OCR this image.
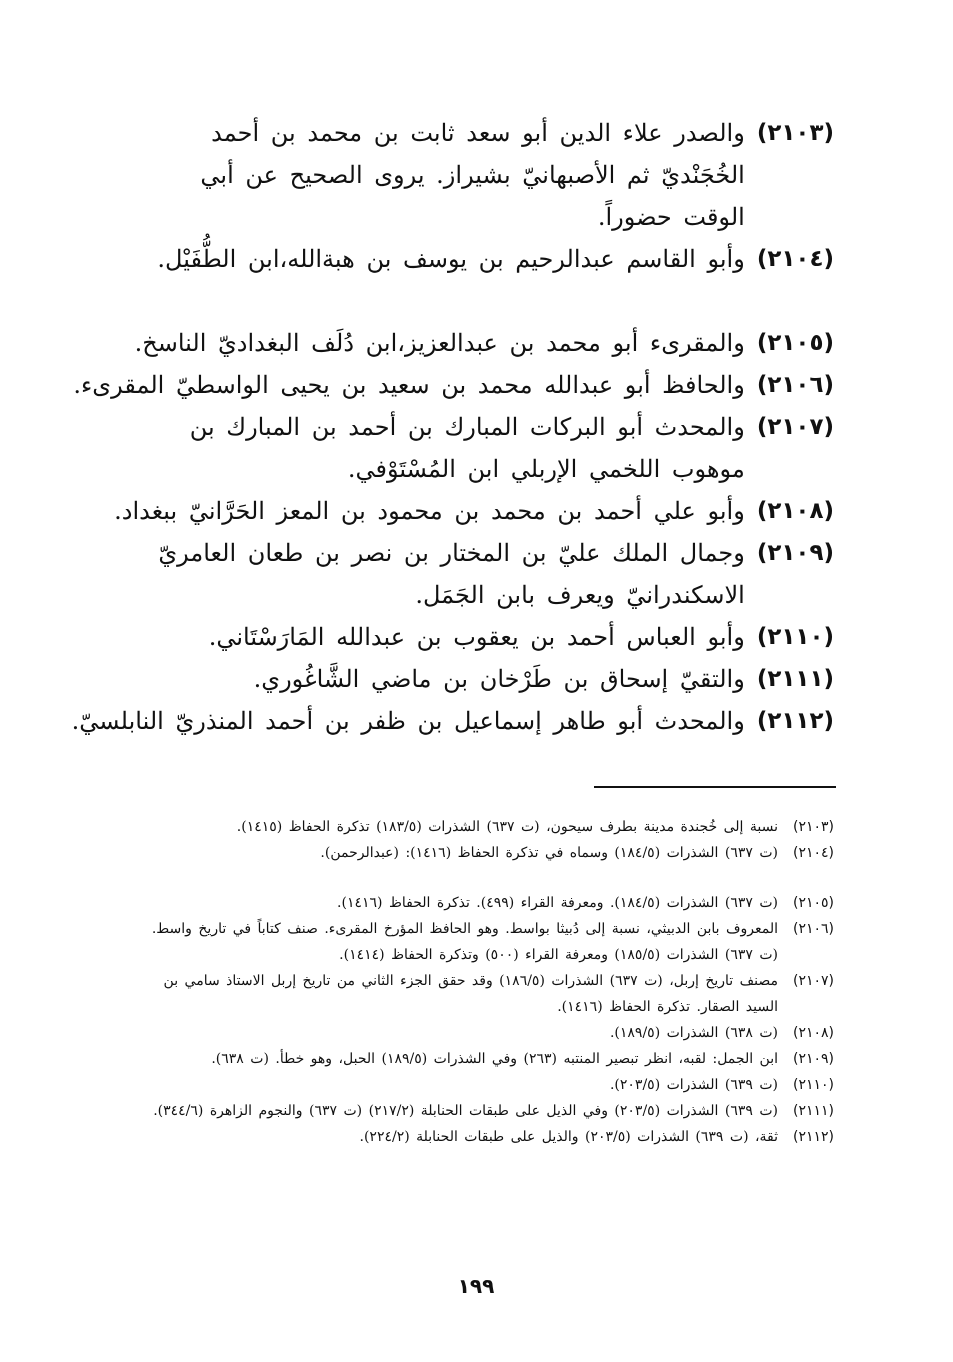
(٢١٠٣)
والصدر علاء الدين أبو سعد ثابت بن محمد بن أحمد الخُجَنْديّ ثم الأصبهانيّ بشيراز. يروى الصحيح عن أبي الوقت حضوراً.

(٢١٠٤)
وأبو القاسم عبدالرحيم بن يوسف بن هبةالله،ابن الطُّفَيْل.

(٢١٠٥)
والمقرىء أبو محمد بن عبدالعزيز،ابن دُلَف البغداديّ الناسخ.

(٢١٠٦)
والحافظ أبو عبدالله محمد بن سعيد بن يحيى الواسطيّ المقرىء.

(٢١٠٧)
والمحدث أبو البركات المبارك بن أحمد بن المبارك بن موهوب اللخمي الإربلي ابن المُسْتَوْفي.

(٢١٠٨)
وأبو علي أحمد بن محمد بن محمود بن المعز الحَرَّانيّ ببغداد.

(٢١٠٩)
وجمال الملك عليّ بن المختار بن نصر بن طعان العامريّ الاسكندرانيّ ويعرف بابن الجَمَل.

(٢١١٠)
وأبو العباس أحمد بن يعقوب بن عبدالله المَارَسْتَاني.

(٢١١١)
والتقيّ إسحاق بن طَرْخان بن ماضي الشَّاغُوري.

(٢١١٢)
والمحدث أبو طاهر إسماعيل بن ظفر بن أحمد المنذريّ النابلسيّ.

(٢١٠٣)
نسبة إلى خُجندة مدينة بطرف سيحون، (ت ٦٣٧) الشذرات (١٨٣/٥) تذكرة الحفاظ (١٤١٥).

(٢١٠٤)
(ت ٦٣٧) الشذرات (١٨٤/٥) وسماه في تذكرة الحفاظ (١٤١٦): (عبدالرحمن).

(٢١٠٥)
(ت ٦٣٧) الشذرات (١٨٤/٥). ومعرفة القراء (٤٩٩). تذكرة الحفاظ (١٤١٦).

(٢١٠٦)
المعروف بابن الدبيثي، نسبة إلى دُبيثا بواسط. وهو الحافظ المؤرخ المقرىء. صنف كتاباً في تاريخ واسط. (ت ٦٣٧) الشذرات (١٨٥/٥) ومعرفة القراء (٥٠٠) وتذكرة الحفاظ (١٤١٤).

(٢١٠٧)
مصنف تاريخ إربل، (ت ٦٣٧) الشذرات (١٨٦/٥) وقد حقق الجزء الثاني من تاريخ إربل الاستاذ سامي بن السيد الصقار. تذكرة الحفاظ (١٤١٦).

(٢١٠٨)
(ت ٦٣٨) الشذرات (١٨٩/٥).

(٢١٠٩)
ابن الجمل: لقبه، انظر تبصير المنتبه (٢٦٣) وفي الشذرات (١٨٩/٥) الحبل، وهو خطأ. (ت ٦٣٨).

(٢١١٠)
(ت ٦٣٩) الشذرات (٢٠٣/٥).

(٢١١١)
(ت ٦٣٩) الشذرات (٢٠٣/٥) وفي الذيل على طبقات الحنابلة (٢١٧/٢) (ت ٦٣٧) والنجوم الزاهرة (٣٤٤/٦).

(٢١١٢)
ثقة، (ت ٦٣٩) الشذرات (٢٠٣/٥) والذيل على طبقات الحنابلة (٢٢٤/٢).

١٩٩
